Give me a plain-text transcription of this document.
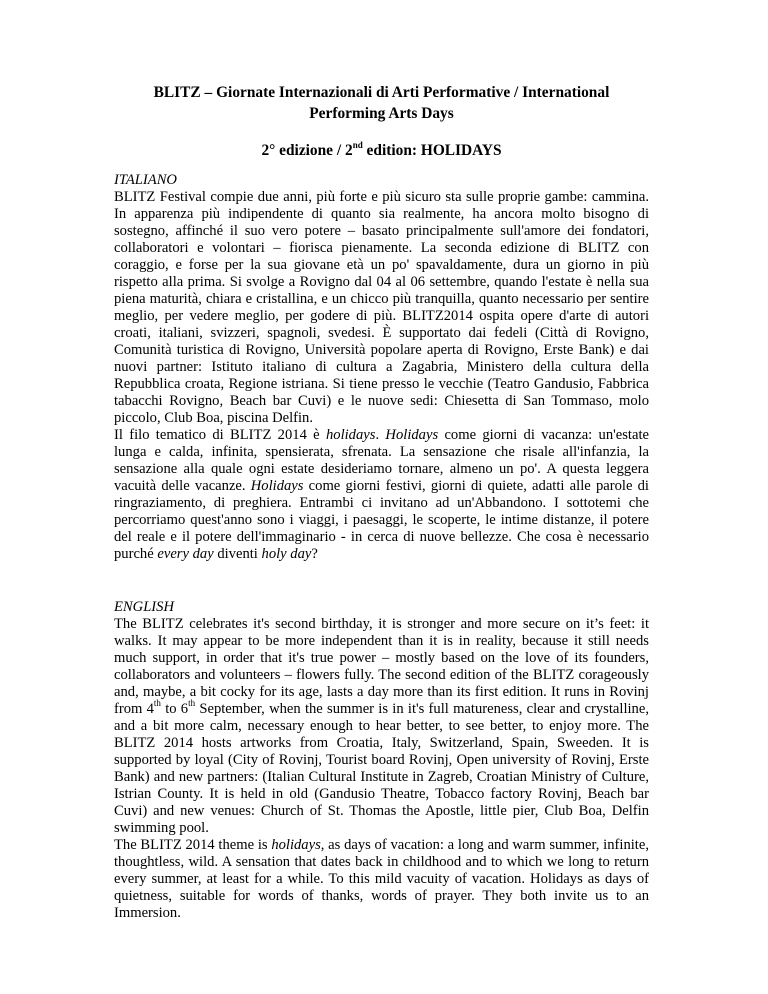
BLITZ – Giornate Internazionali di Arti Performative / International Performing Arts Days
2° edizione / 2nd edition: HOLIDAYS
ITALIANO

BLITZ Festival compie due anni, più forte e più sicuro sta sulle proprie gambe: cammina. In apparenza più indipendente di quanto sia realmente, ha ancora molto bisogno di sostegno, affinché il suo vero potere – basato principalmente sull'amore dei fondatori, collaboratori e volontari – fiorisca pienamente. La seconda edizione di BLITZ con coraggio, e forse per la sua giovane età un po' spavaldamente, dura un giorno in più rispetto alla prima. Si svolge a Rovigno dal 04 al 06 settembre, quando l'estate è nella sua piena maturità, chiara e cristallina, e un chicco più tranquilla, quanto necessario per sentire meglio, per vedere meglio, per godere di più. BLITZ2014 ospita opere d'arte di autori croati, italiani, svizzeri, spagnoli, svedesi. È supportato dai fedeli (Città di Rovigno, Comunità turistica di Rovigno, Università popolare aperta di Rovigno, Erste Bank) e dai nuovi partner: Istituto italiano di cultura a Zagabria, Ministero della cultura della Repubblica croata, Regione istriana. Si tiene presso le vecchie (Teatro Gandusio, Fabbrica tabacchi Rovigno, Beach bar Cuvi) e le nuove sedi: Chiesetta di San Tommaso, molo piccolo, Club Boa, piscina Delfin.

Il filo tematico di BLITZ 2014 è holidays. Holidays come giorni di vacanza: un'estate lunga e calda, infinita, spensierata, sfrenata. La sensazione che risale all'infanzia, la sensazione alla quale ogni estate desideriamo tornare, almeno un po'. A questa leggera vacuità delle vacanze. Holidays come giorni festivi, giorni di quiete, adatti alle parole di ringraziamento, di preghiera. Entrambi ci invitano ad un'Abbandono. I sottotemi che percorriamo quest'anno sono i viaggi, i paesaggi, le scoperte, le intime distanze, il potere del reale e il potere dell'immaginario - in cerca di nuove bellezze. Che cosa è necessario purché every day diventi holy day?

ENGLISH

The BLITZ celebrates it's second birthday, it is stronger and more secure on it’s feet: it walks. It may appear to be more independent than it is in reality, because it still needs much support, in order that it's true power – mostly based on the love of its founders, collaborators and volunteers – flowers fully. The second edition of the BLITZ corageously and, maybe, a bit cocky for its age, lasts a day more than its first edition. It runs in Rovinj from 4th to 6th September, when the summer is in it's full matureness, clear and crystalline, and a bit more calm, necessary enough to hear better, to see better, to enjoy more. The BLITZ 2014 hosts artworks from Croatia, Italy, Switzerland, Spain, Sweeden. It is supported by loyal (City of Rovinj, Tourist board Rovinj, Open university of Rovinj, Erste Bank) and new partners: (Italian Cultural Institute in Zagreb, Croatian Ministry of Culture, Istrian County. It is held in old (Gandusio Theatre, Tobacco factory Rovinj, Beach bar Cuvi) and new venues: Church of St. Thomas the Apostle, little pier, Club Boa, Delfin swimming pool.

The BLITZ 2014 theme is holidays, as days of vacation: a long and warm summer, infinite, thoughtless, wild. A sensation that dates back in childhood and to which we long to return every summer, at least for a while. To this mild vacuity of vacation. Holidays as days of quietness, suitable for words of thanks, words of prayer. They both invite us to an Immersion.
